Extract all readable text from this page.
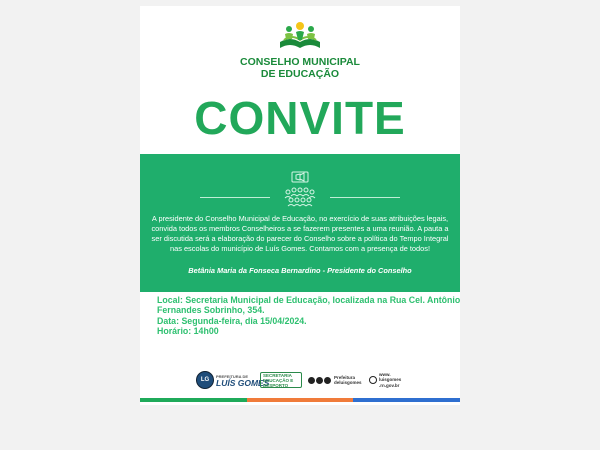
CONSELHO MUNICIPAL
DE EDUCAÇÃO
CONVITE
A presidente do Conselho Municipal de Educação, no exercício de suas atribuições legais, convida todos os membros Conselheiros a se fazerem presentes a uma reunião. A pauta a ser discutida será a elaboração do parecer do Conselho sobre a política do Tempo Integral nas escolas do município de Luís Gomes. Contamos com a presença de todos!
Betânia Maria da Fonseca Bernardino - Presidente do Conselho
Local: Secretaria Municipal de Educação, localizada na Rua Cel. Antônio
Fernandes Sobrinho, 354.
Data: Segunda-feira, dia 15/04/2024.
Horário: 14h00
LG
PREFEITURA DE
LUÍS GOMES
SECRETARIA
EDUCAÇÃO E
DESPORTO
Prefeitura
deluisgomes
www.
luisgomes
.rn.gov.br
